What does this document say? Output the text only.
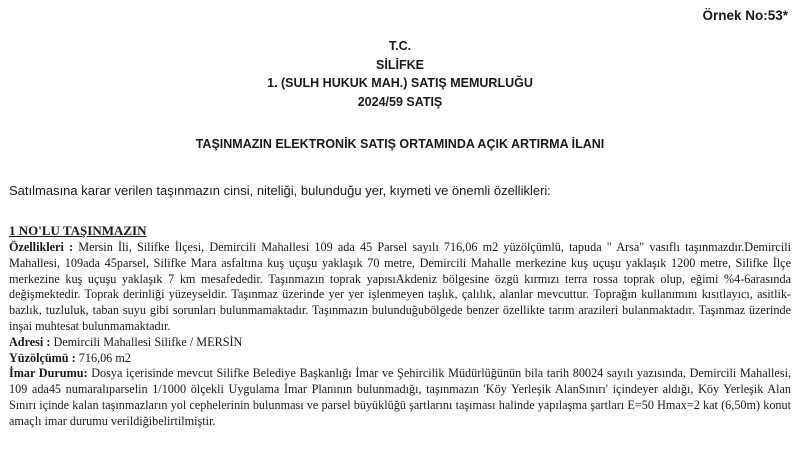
Örnek No:53*
T.C.
SİLİFKE
1. (SULH HUKUK MAH.) SATIŞ MEMURLUĞU
2024/59 SATIŞ
TAŞINMAZIN ELEKTRONİK SATIŞ ORTAMINDA AÇIK ARTIRMA İLANI
Satılmasına karar verilen taşınmazın cinsi, niteliği, bulunduğu yer, kıymeti ve önemli özellikleri:
1 NO'LU TAŞINMAZIN

Özellikleri : Mersin İli, Silifke İlçesi, Demircili Mahallesi 109 ada 45 Parsel sayılı 716,06 m2 yüzölçümlü, tapuda " Arsa" vasıflı taşınmazdır.Demircili Mahallesi, 109ada 45parsel, Silifke Mara asfaltına kuş uçuşu yaklaşık 70 metre, Demircili Mahalle merkezine kuş uçuşu yaklaşık 1200 metre, Silifke İlçe merkezine kuş uçuşu yaklaşık 7 km mesafededir. Taşınmazın toprak yapısıAkdeniz bölgesine özgü kırmızı terra rossa toprak olup, eğimi %4-6arasında değişmektedir. Toprak derinliği yüzeyseldir. Taşınmaz üzerinde yer yer işlenmeyen taşlık, çalılık, alanlar mevcuttur. Toprağın kullanımını kısıtlayıcı, asitlik- bazlık, tuzluluk, taban suyu gibi sorunları bulunmamaktadır. Taşınmazın bulunduğubölgede benzer özellikte tarım arazileri bulanmaktadır. Taşınmaz üzerinde inşai muhtesat bulunmamaktadır.

Adresi : Demircili Mahallesi Silifke / MERSİN

Yüzölçümü : 716,06 m2

İmar Durumu: Dosya içerisinde mevcut Silifke Belediye Başkanlığı İmar ve Şehircilik Müdürlüğünün bila tarih 80024 sayılı yazısında, Demircili Mahallesi, 109 ada45 numaralıparselin 1/1000 ölçekli Uygulama İmar Planının bulunmadığı, taşınmazın 'Köy Yerleşik AlanSınırı' içindeyer aldığı, Köy Yerleşik Alan Sınırı içinde kalan taşınmazların yol cephelerinin bulunması ve parsel büyüklüğü şartlarını taşıması halinde yapılaşma şartları E=50 Hmax=2 kat (6,50m) konut amaçlı imar durumu verildiğibelirtilmiştir.
